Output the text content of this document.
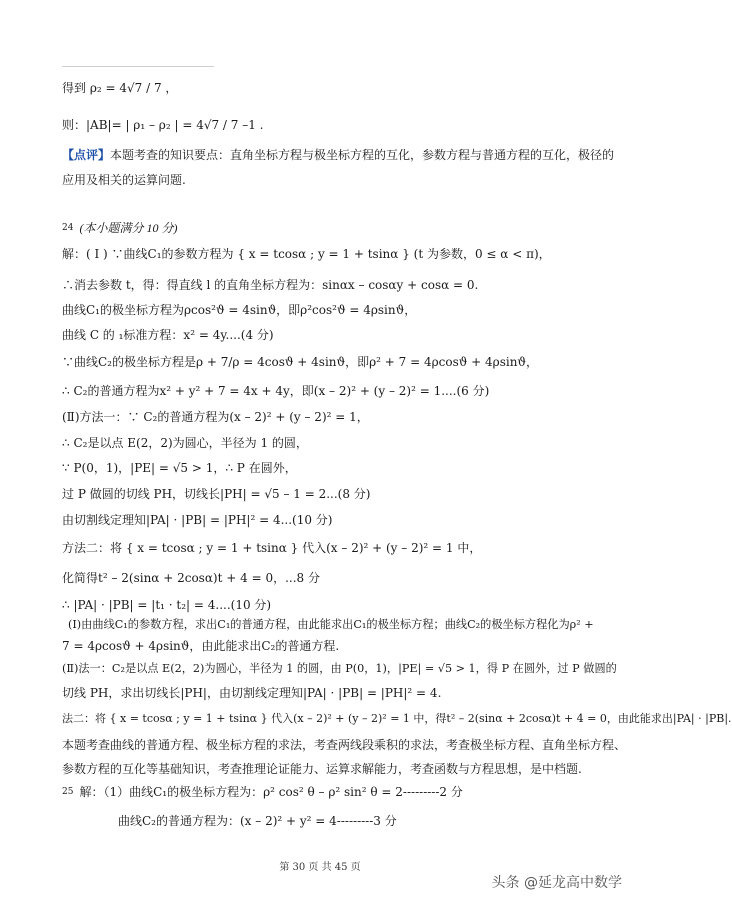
得到 ρ₂ = 4√7 / 7 ，
则：|AB|= | ρ₁ – ρ₂ | = 4√7 / 7 –1 .
【点评】本题考查的知识要点：直角坐标方程与极坐标方程的互化，参数方程与普通方程的互化，极径的
应用及相关的运算问题.
24 (本小题满分 10 分)
解：( I ) ∵曲线C₁的参数方程为 { x = tcosα ; y = 1 + tsinα } (t 为参数，0 ≤ α < π)，
∴消去参数 t，得：得直线 l 的直角坐标方程为：sinαx – cosαy + cosα = 0.
曲线C₁的极坐标方程为ρcos²ϑ = 4sinϑ，即ρ²cos²ϑ = 4ρsinϑ，
曲线 C 的 ₁标准方程：x² = 4y....(4 分)
∵曲线C₂的极坐标方程是ρ + 7/ρ = 4cosϑ + 4sinϑ，即ρ² + 7 = 4ρcosϑ + 4ρsinϑ，
∴ C₂的普通方程为x² + y² + 7 = 4x + 4y，即(x – 2)² + (y – 2)² = 1....(6 分)
(Ⅱ)方法一：∵ C₂的普通方程为(x – 2)² + (y – 2)² = 1，
∴ C₂是以点 E(2，2)为圆心，半径为 1 的圆，
∵ P(0，1)，|PE| = √5 > 1，∴ P 在圆外，
过 P 做圆的切线 PH，切线长|PH| = √5 – 1 = 2...(8 分)
由切割线定理知|PA| · |PB| = |PH|² = 4...(10 分)
方法二：将 { x = tcosα ; y = 1 + tsinα } 代入(x – 2)² + (y – 2)² = 1 中，
化简得t² – 2(sinα + 2cosα)t + 4 = 0，...8 分
∴ |PA| · |PB| = |t₁ · t₂| = 4....(10 分)
(Ⅰ)由曲线C₁的参数方程，求出C₁的普通方程，由此能求出C₁的极坐标方程；曲线C₂的极坐标方程化为ρ² +
7 = 4ρcosϑ + 4ρsinϑ，由此能求出C₂的普通方程.
(Ⅱ)法一：C₂是以点 E(2，2)为圆心，半径为 1 的圆，由 P(0，1)，|PE| = √5 > 1，得 P 在圆外，过 P 做圆的
切线 PH，求出切线长|PH|，由切割线定理知|PA| · |PB| = |PH|² = 4.
法二：将 { x = tcosα ; y = 1 + tsinα } 代入(x – 2)² + (y – 2)² = 1 中，得t² – 2(sinα + 2cosα)t + 4 = 0，由此能求出|PA| · |PB|.
本题考查曲线的普通方程、极坐标方程的求法，考查两线段乘积的求法，考查极坐标方程、直角坐标方程、
参数方程的互化等基础知识，考查推理论证能力、运算求解能力，考查函数与方程思想，是中档题.
25 解：（1）曲线C₁的极坐标方程为：ρ² cos² θ – ρ² sin² θ = 2---------2 分
曲线C₂的普通方程为：(x – 2)² + y² = 4---------3 分
第 30 页 共 45 页
头条 @延龙高中数学
